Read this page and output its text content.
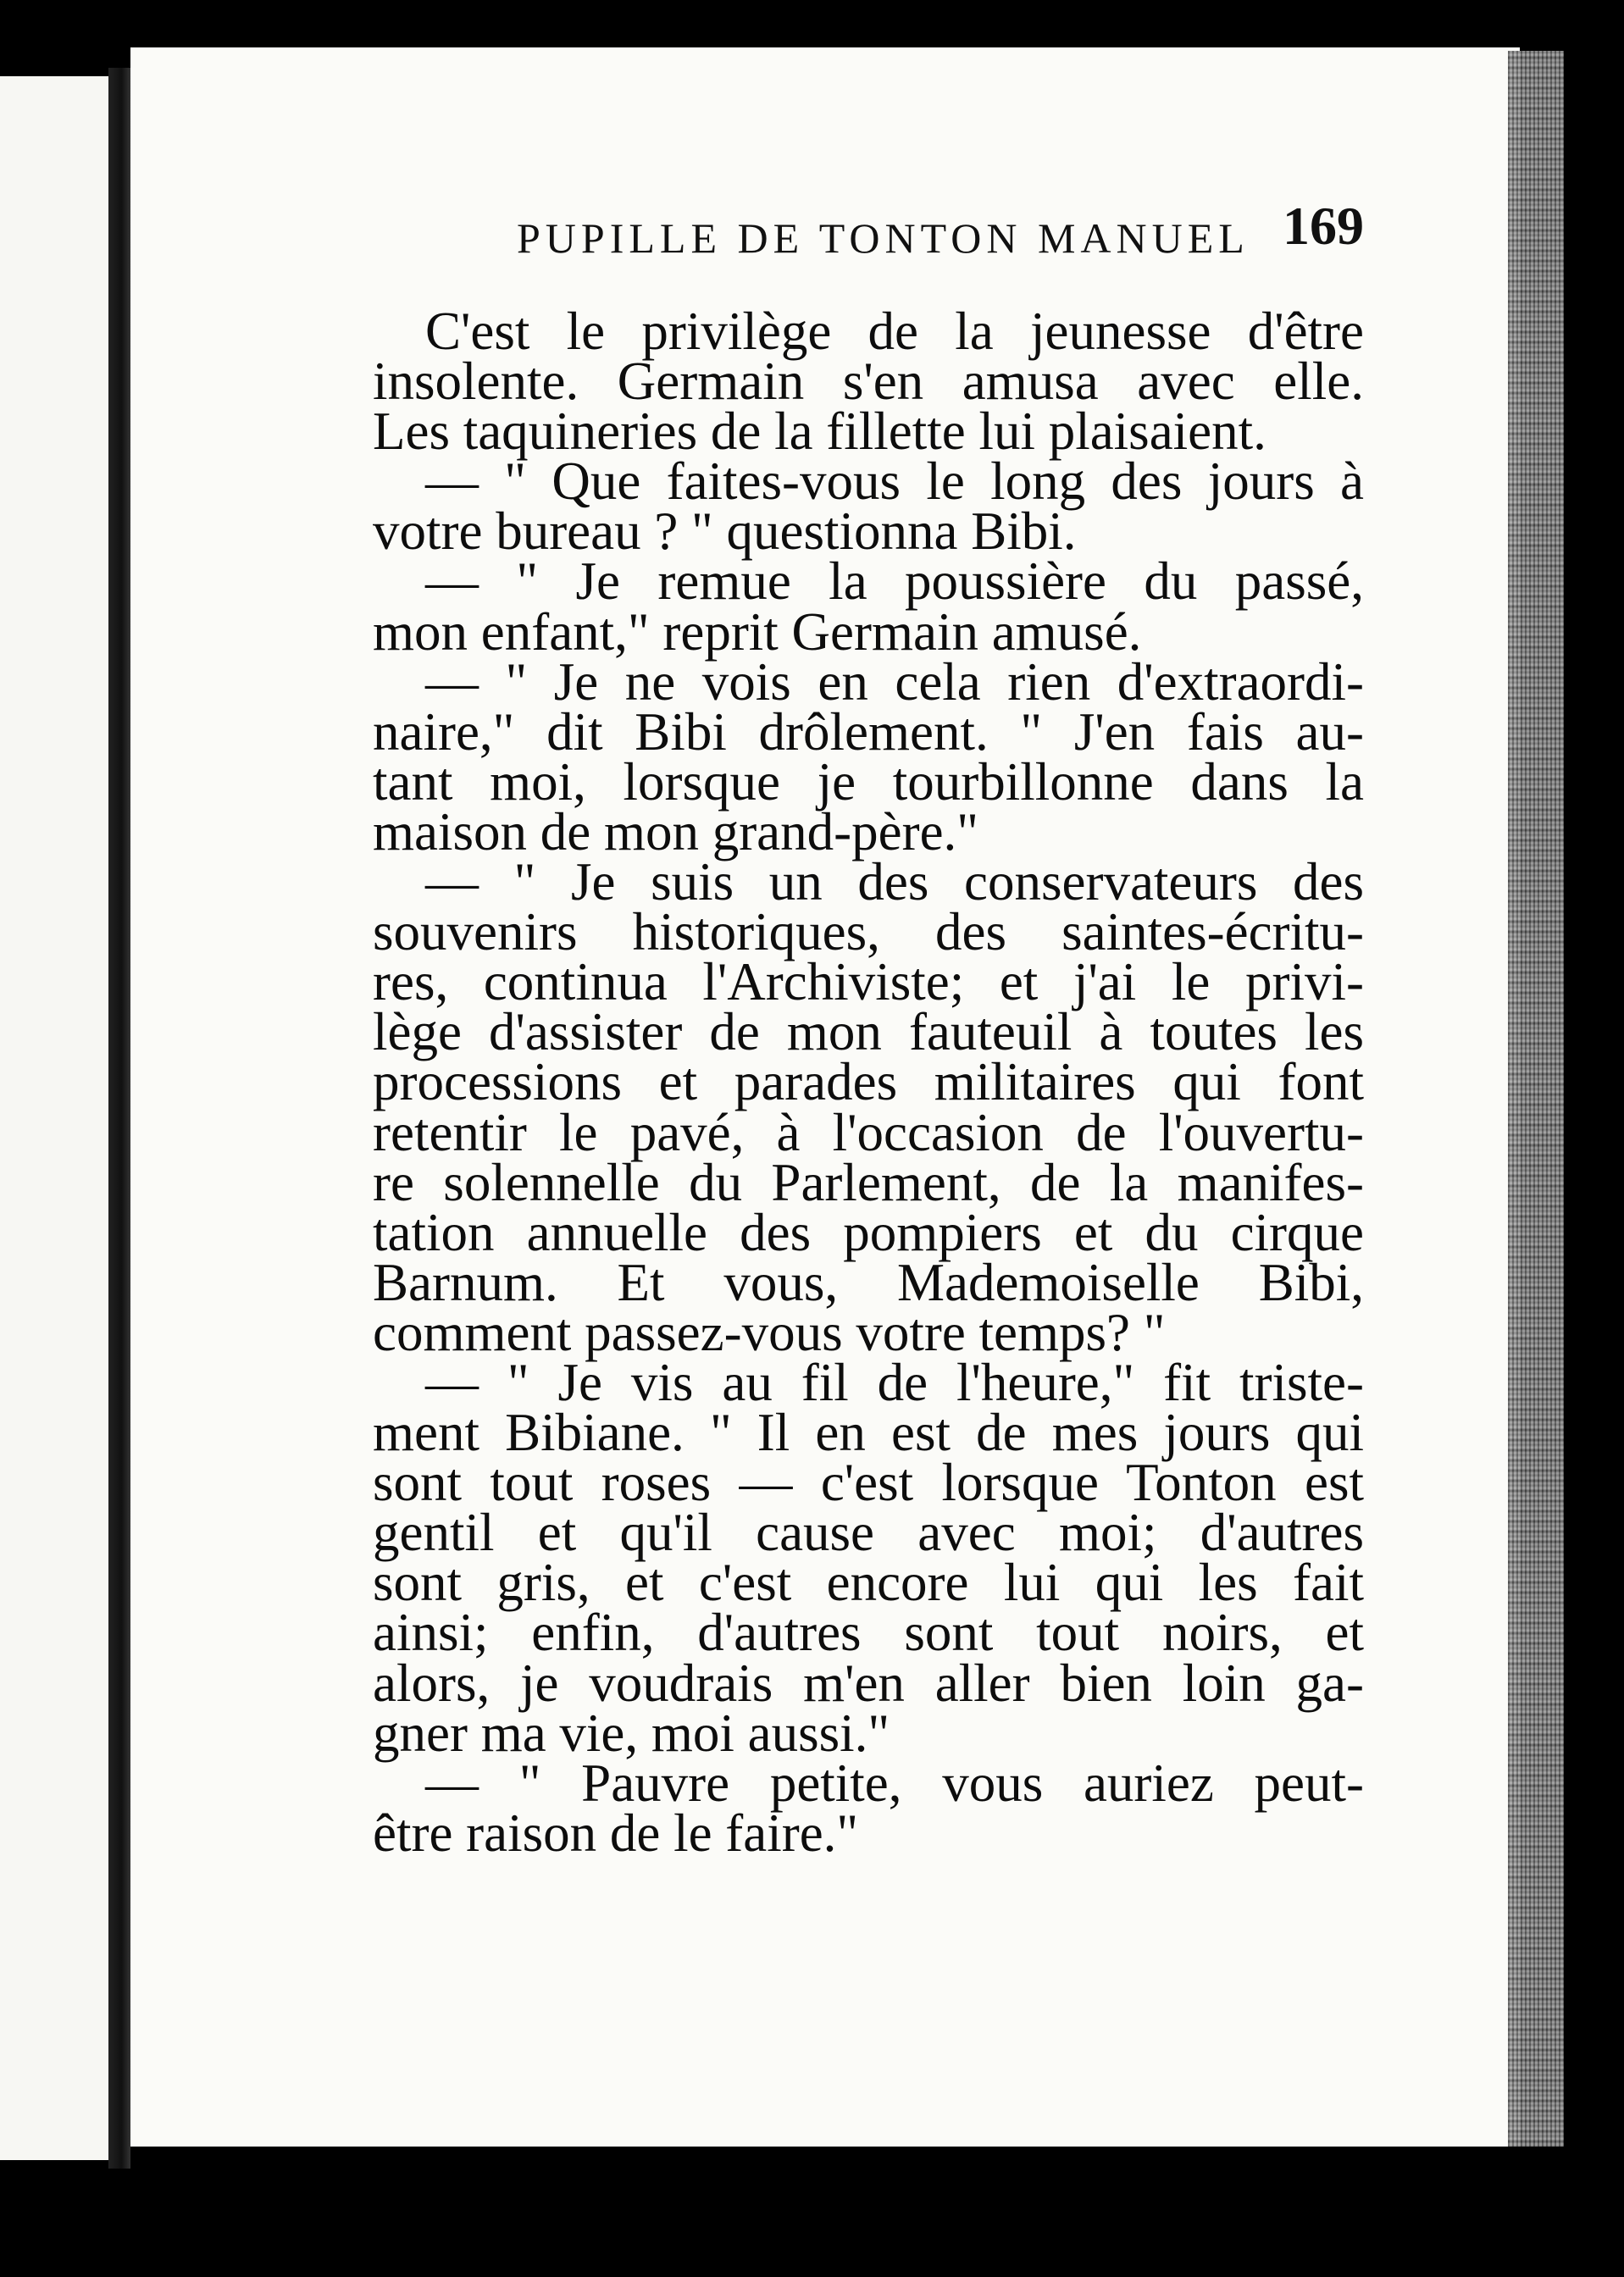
PUPILLE DE TONTON MANUEL 169
C'est le privilège de la jeunesse d'être
insolente. Germain s'en amusa avec elle.
Les taquineries de la fillette lui plaisaient.
— " Que faites-vous le long des jours à
votre bureau ? " questionna Bibi.
— " Je remue la poussière du passé,
mon enfant," reprit Germain amusé.
— " Je ne vois en cela rien d'extraordi-
naire," dit Bibi drôlement. " J'en fais au-
tant moi, lorsque je tourbillonne dans la
maison de mon grand-père."
— " Je suis un des conservateurs des
souvenirs historiques, des saintes-écritu-
res, continua l'Archiviste; et j'ai le privi-
lège d'assister de mon fauteuil à toutes les
processions et parades militaires qui font
retentir le pavé, à l'occasion de l'ouvertu-
re solennelle du Parlement, de la manifes-
tation annuelle des pompiers et du cirque
Barnum. Et vous, Mademoiselle Bibi,
comment passez-vous votre temps? "
— " Je vis au fil de l'heure," fit triste-
ment Bibiane. " Il en est de mes jours qui
sont tout roses — c'est lorsque Tonton est
gentil et qu'il cause avec moi; d'autres
sont gris, et c'est encore lui qui les fait
ainsi; enfin, d'autres sont tout noirs, et
alors, je voudrais m'en aller bien loin ga-
gner ma vie, moi aussi."
— " Pauvre petite, vous auriez peut-
être raison de le faire."
